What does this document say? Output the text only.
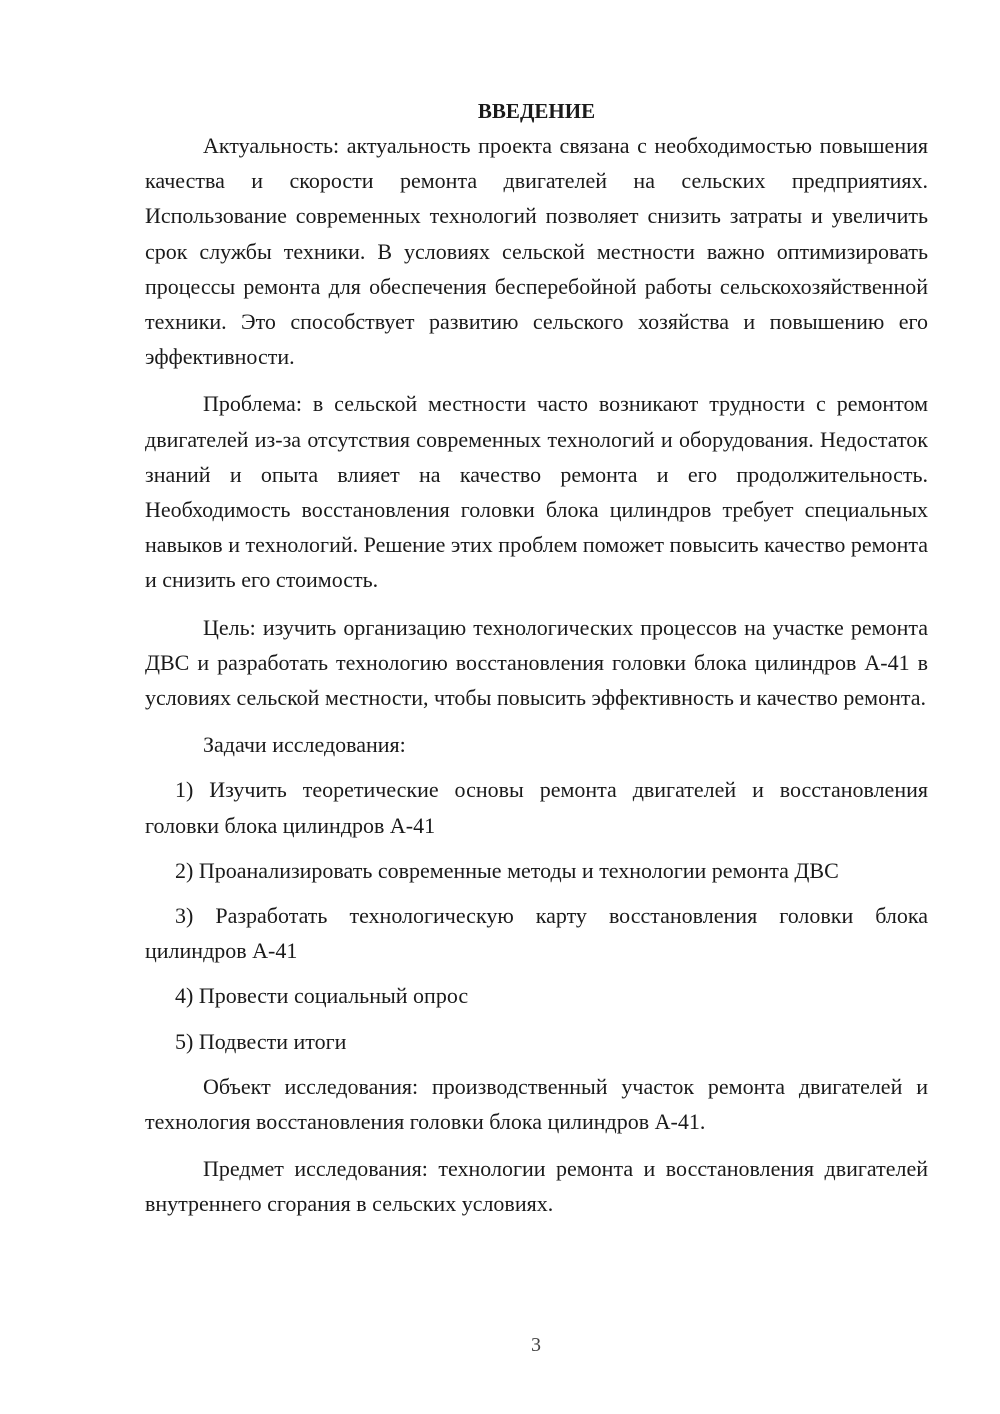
ВВЕДЕНИЕ

Актуальность: актуальность проекта связана с необходимостью повышения качества и скорости ремонта двигателей на сельских предприятиях. Использование современных технологий позволяет снизить затраты и увеличить срок службы техники. В условиях сельской местности важно оптимизировать процессы ремонта для обеспечения бесперебойной работы сельскохозяйственной техники. Это способствует развитию сельского хозяйства и повышению его эффективности.

Проблема: в сельской местности часто возникают трудности с ремонтом двигателей из-за отсутствия современных технологий и оборудования. Недостаток знаний и опыта влияет на качество ремонта и его продолжительность. Необходимость восстановления головки блока цилиндров требует специальных навыков и технологий. Решение этих проблем поможет повысить качество ремонта и снизить его стоимость.

Цель: изучить организацию технологических процессов на участке ремонта ДВС и разработать технологию восстановления головки блока цилиндров А-41 в условиях сельской местности, чтобы повысить эффективность и качество ремонта.

Задачи исследования:

1) Изучить теоретические основы ремонта двигателей и восстановления головки блока цилиндров А-41

2) Проанализировать современные методы и технологии ремонта ДВС

3) Разработать технологическую карту восстановления головки блока цилиндров А-41

4) Провести социальный опрос

5) Подвести итоги

Объект исследования: производственный участок ремонта двигателей и технология восстановления головки блока цилиндров А-41.

Предмет исследования: технологии ремонта и восстановления двигателей внутреннего сгорания в сельских условиях.

3
